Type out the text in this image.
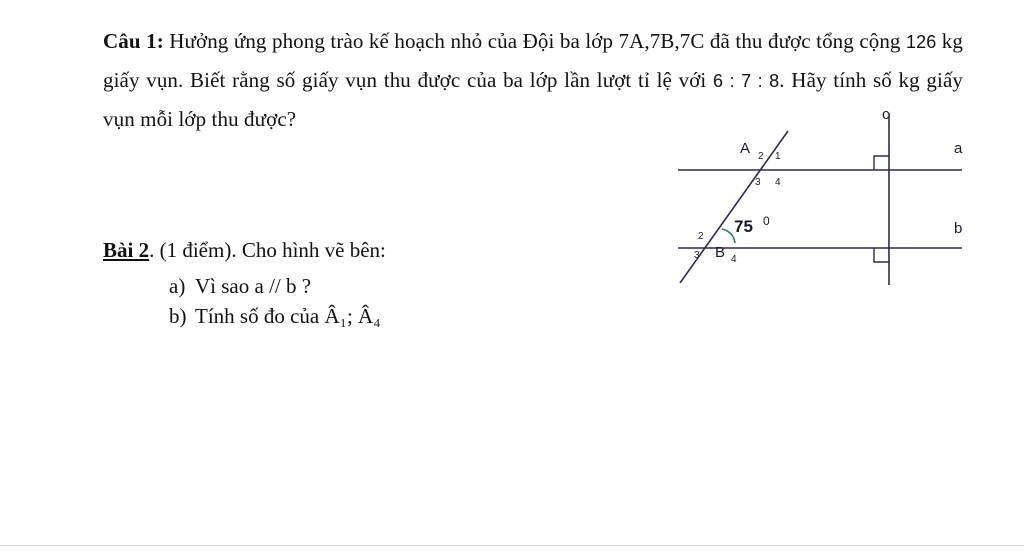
Câu 1: Hưởng ứng phong trào kế hoạch nhỏ của Đội ba lớp 7A,7B,7C đã thu được tổng cộng 126 kg giấy vụn. Biết rằng số giấy vụn thu được của ba lớp lần lượt tỉ lệ với 6 : 7 : 8. Hãy tính số kg giấy vụn mỗi lớp thu được?
Bài 2. (1 điểm). Cho hình vẽ bên:
a) Vì sao a // b ?
b) Tính số đo của Â₁; Â₄
a
b
c
A 2 1
3 4
B
2
3	4
75 0
